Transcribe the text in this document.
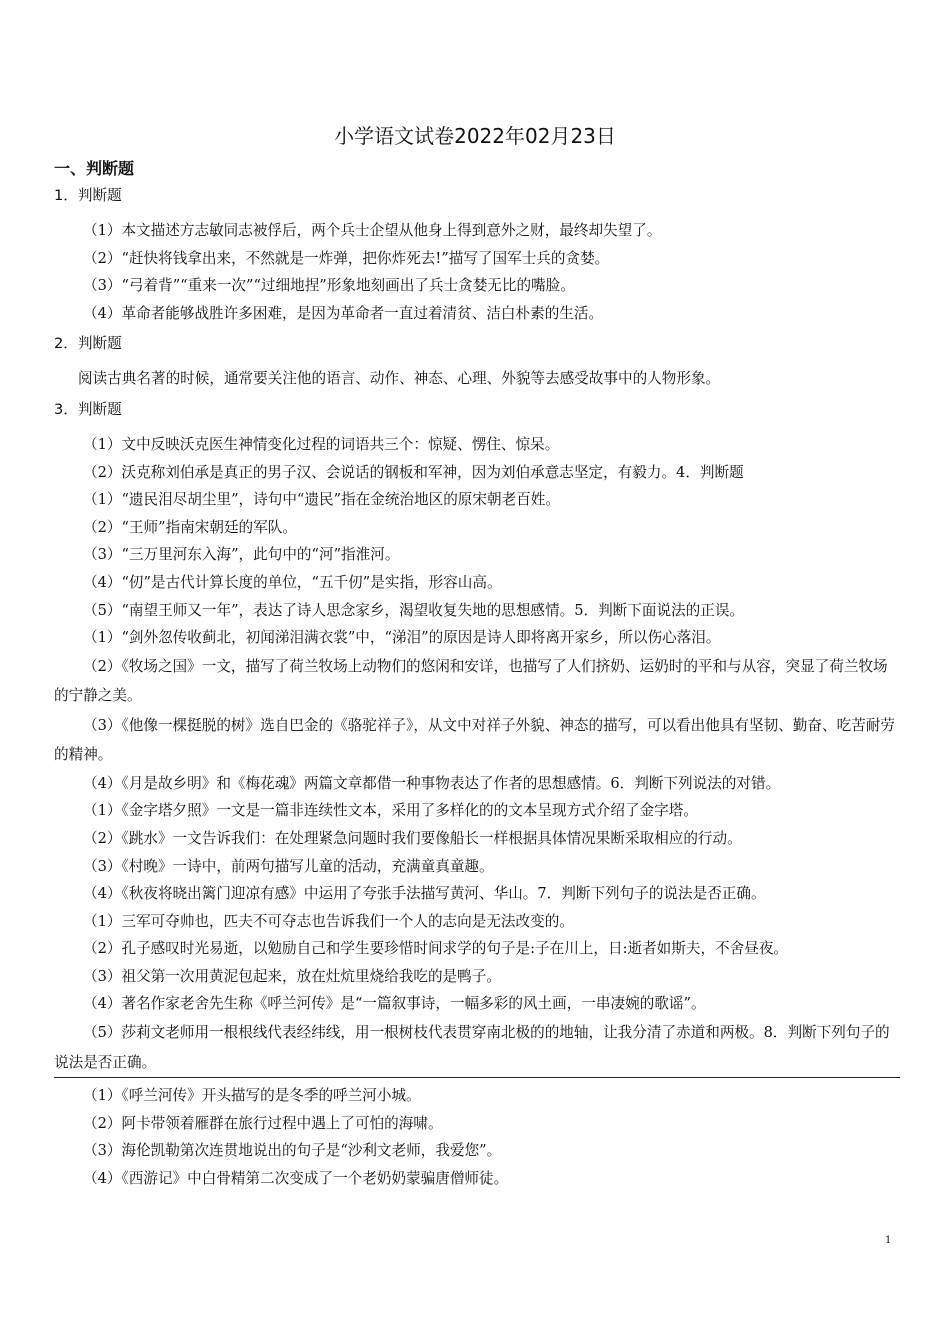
小学语文试卷2022年02月23日
一、判断题
1．判断题
（1）本文描述方志敏同志被俘后，两个兵士企望从他身上得到意外之财，最终却失望了。
（2）“赶快将钱拿出来，不然就是一炸弹，把你炸死去!”描写了国军士兵的贪婪。
（3）“弓着背”“重来一次”“过细地捏”形象地刻画出了兵士贪婪无比的嘴脸。
（4）革命者能够战胜许多困难，是因为革命者一直过着清贫、洁白朴素的生活。
2．判断题
阅读古典名著的时候，通常要关注他的语言、动作、神态、心理、外貌等去感受故事中的人物形象。
3．判断题
（1）文中反映沃克医生神情变化过程的词语共三个：惊疑、愣住、惊呆。
（2）沃克称刘伯承是真正的男子汉、会说话的钢板和军神，因为刘伯承意志坚定，有毅力。4．判断题
（1）“遗民泪尽胡尘里”，诗句中“遗民”指在金统治地区的原宋朝老百姓。
（2）“王师”指南宋朝廷的军队。
（3）“三万里河东入海”，此句中的“河”指淮河。
（4）“仞”是古代计算长度的单位，“五千仞”是实指，形容山高。
（5）“南望王师又一年”，表达了诗人思念家乡，渴望收复失地的思想感情。5．判断下面说法的正误。
（1）“剑外忽传收蓟北，初闻涕泪满衣裳”中，“涕泪”的原因是诗人即将离开家乡，所以伤心落泪。
（2）《牧场之国》一文，描写了荷兰牧场上动物们的悠闲和安详，也描写了人们挤奶、运奶时的平和与从容，突显了荷兰牧场的宁静之美。
（3）《他像一棵挺脱的树》选自巴金的《骆驼祥子》，从文中对祥子外貌、神态的描写，可以看出他具有坚韧、勤奋、吃苦耐劳的精神。
（4）《月是故乡明》和《梅花魂》两篇文章都借一种事物表达了作者的思想感情。6．判断下列说法的对错。
（1）《金字塔夕照》一文是一篇非连续性文本，采用了多样化的的文本呈现方式介绍了金字塔。
（2）《跳水》一文告诉我们：在处理紧急问题时我们要像船长一样根据具体情况果断采取相应的行动。
（3）《村晚》一诗中，前两句描写儿童的活动，充满童真童趣。
（4）《秋夜将晓出篱门迎凉有感》中运用了夸张手法描写黄河、华山。7．判断下列句子的说法是否正确。
（1）三军可夺帅也，匹夫不可夺志也告诉我们一个人的志向是无法改变的。
（2）孔子感叹时光易逝，以勉励自己和学生要珍惜时间求学的句子是:子在川上，日:逝者如斯夫，不舍昼夜。
（3）祖父第一次用黄泥包起来，放在灶炕里烧给我吃的是鸭子。
（4）著名作家老舍先生称《呼兰河传》是“一篇叙事诗，一幅多彩的风土画，一串凄婉的歌谣”。
（5）莎莉文老师用一根根线代表经纬线，用一根树枝代表贯穿南北极的的地轴，让我分清了赤道和两极。8．判断下列句子的说法是否正确。
（1）《呼兰河传》开头描写的是冬季的呼兰河小城。
（2）阿卡带领着雁群在旅行过程中遇上了可怕的海啸。
（3）海伦凯勒第次连贯地说出的句子是“沙利文老师，我爱您”。
（4）《西游记》中白骨精第二次变成了一个老奶奶蒙骗唐僧师徒。
1
